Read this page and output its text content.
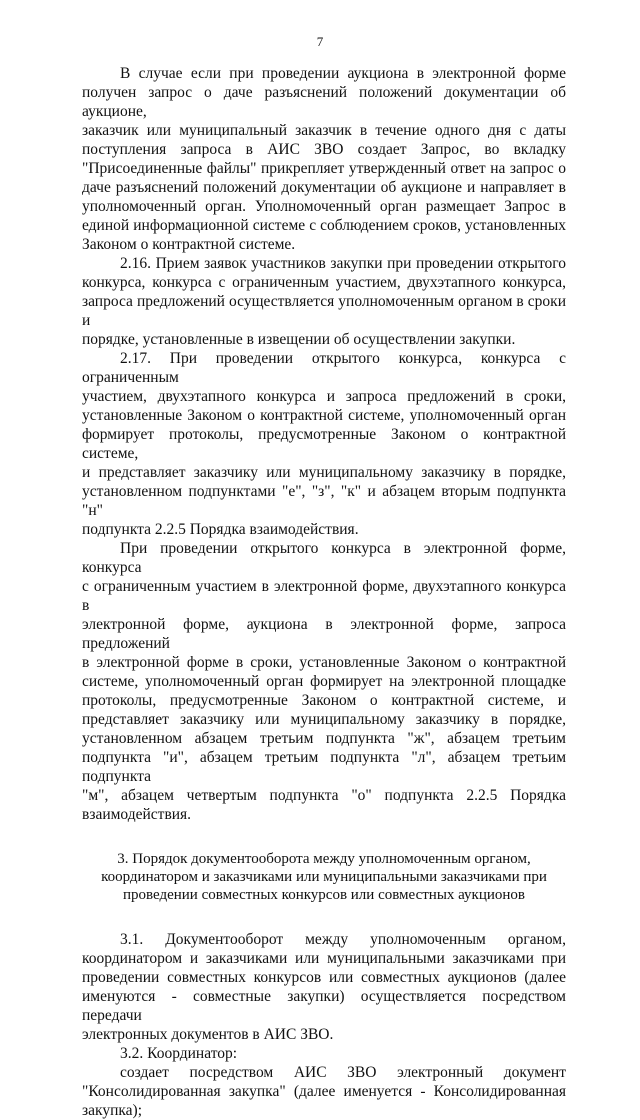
7
В случае если при проведении аукциона в электронной форме
получен запрос о даче разъяснений положений документации об аукционе,
заказчик или муниципальный заказчик в течение одного дня с даты
поступления запроса в АИС ЗВО создает Запрос, во вкладку
"Присоединенные файлы" прикрепляет утвержденный ответ на запрос о
даче разъяснений положений документации об аукционе и направляет в
уполномоченный орган. Уполномоченный орган размещает Запрос в
единой информационной системе с соблюдением сроков, установленных
Законом о контрактной системе.
2.16. Прием заявок участников закупки при проведении открытого
конкурса, конкурса с ограниченным участием, двухэтапного конкурса,
запроса предложений осуществляется уполномоченным органом в сроки и
порядке, установленные в извещении об осуществлении закупки.
2.17. При проведении открытого конкурса, конкурса с ограниченным
участием, двухэтапного конкурса и запроса предложений в сроки,
установленные Законом о контрактной системе, уполномоченный орган
формирует протоколы, предусмотренные Законом о контрактной системе,
и представляет заказчику или муниципальному заказчику в порядке,
установленном подпунктами "е", "з", "к" и абзацем вторым подпункта "н"
подпункта 2.2.5 Порядка взаимодействия.
При проведении открытого конкурса в электронной форме, конкурса
с ограниченным участием в электронной форме, двухэтапного конкурса в
электронной форме, аукциона в электронной форме, запроса предложений
в электронной форме в сроки, установленные Законом о контрактной
системе, уполномоченный орган формирует на электронной площадке
протоколы, предусмотренные Законом о контрактной системе, и
представляет заказчику или муниципальному заказчику в порядке,
установленном абзацем третьим подпункта "ж", абзацем третьим
подпункта "и", абзацем третьим подпункта "л", абзацем третьим подпункта
"м", абзацем четвертым подпункта "о" подпункта 2.2.5 Порядка
взаимодействия.
3. Порядок документооборота между уполномоченным органом,
координатором и заказчиками или муниципальными заказчиками при
проведении совместных конкурсов или совместных аукционов
3.1. Документооборот между уполномоченным органом,
координатором и заказчиками или муниципальными заказчиками при
проведении совместных конкурсов или совместных аукционов (далее
именуются - совместные закупки) осуществляется посредством передачи
электронных документов в АИС ЗВО.
3.2. Координатор:
создает посредством АИС ЗВО электронный документ
"Консолидированная закупка" (далее именуется - Консолидированная
закупка);
